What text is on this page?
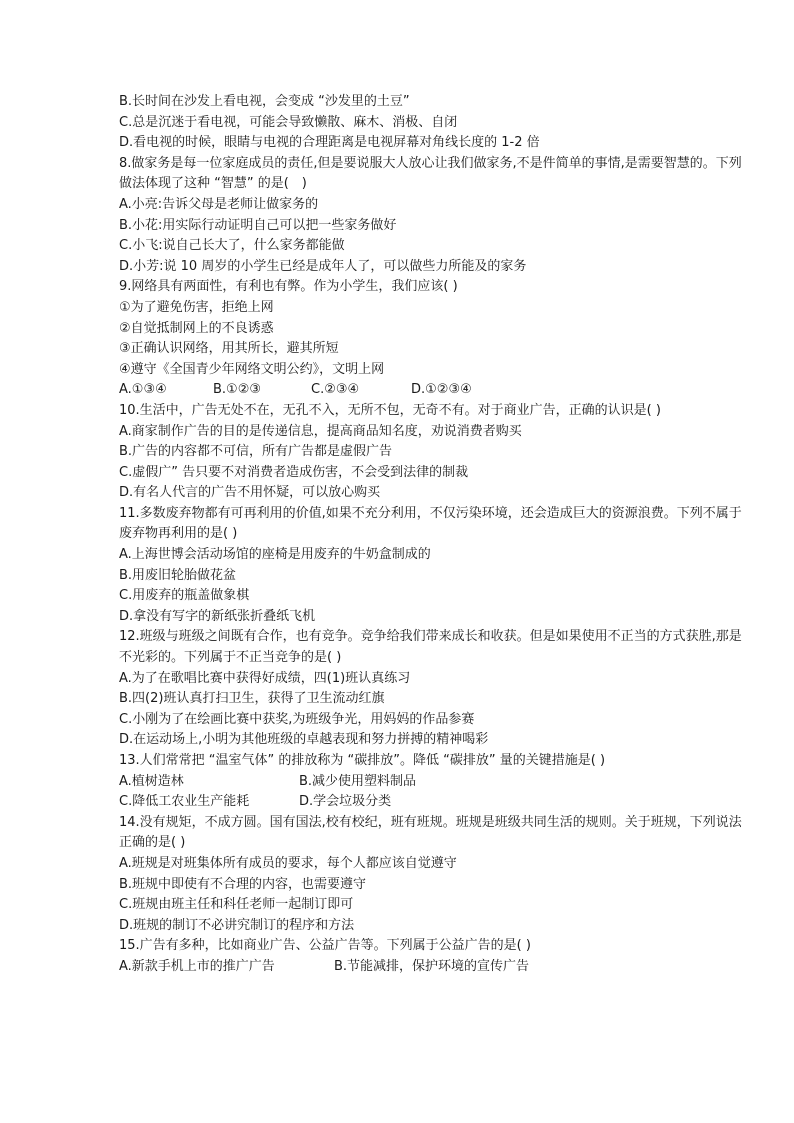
B.长时间在沙发上看电视，会变成 “沙发里的土豆”
C.总是沉迷于看电视，可能会导致懒散、麻木、消极、自闭
D.看电视的时候，眼睛与电视的合理距离是电视屏幕对角线长度的 1-2 倍
8.做家务是每一位家庭成员的责任,但是要说服大人放心让我们做家务,不是件简单的事情,是需要智慧的。下列做法体现了这种 “智慧” 的是(　)
A.小亮:告诉父母是老师让做家务的
B.小花:用实际行动证明自己可以把一些家务做好
C.小飞:说自己长大了，什么家务都能做
D.小芳:说 10 周岁的小学生已经是成年人了，可以做些力所能及的家务
9.网络具有两面性，有利也有弊。作为小学生，我们应该( )
①为了避免伤害，拒绝上网
②自觉抵制网上的不良诱惑
③正确认识网络，用其所长，避其所短
④遵守《全国青少年网络文明公约》，文明上网
A.①③④	B.①②③	C.②③④	D.①②③④
10.生活中，广告无处不在，无孔不入，无所不包，无奇不有。对于商业广告，正确的认识是( )
A.商家制作广告的目的是传递信息，提高商品知名度，劝说消费者购买
B.广告的内容都不可信，所有广告都是虚假广告
C.虚假广” 告只要不对消费者造成伤害，不会受到法律的制裁
D.有名人代言的广告不用怀疑，可以放心购买
11.多数废弃物都有可再利用的价值,如果不充分利用，不仅污染环境，还会造成巨大的资源浪费。下列不属于废弃物再利用的是( )
A.上海世博会活动场馆的座椅是用废弃的牛奶盒制成的
B.用废旧轮胎做花盆
C.用废弃的瓶盖做象棋
D.拿没有写字的新纸张折叠纸飞机
12.班级与班级之间既有合作，也有竞争。竞争给我们带来成长和收获。但是如果使用不正当的方式获胜,那是不光彩的。下列属于不正当竞争的是( )
A.为了在歌唱比赛中获得好成绩，四(1)班认真练习
B.四(2)班认真打扫卫生，获得了卫生流动红旗
C.小刚为了在绘画比赛中获奖,为班级争光，用妈妈的作品参赛
D.在运动场上,小明为其他班级的卓越表现和努力拼搏的精神喝彩
13.人们常常把 “温室气体” 的排放称为 “碳排放”。降低 “碳排放” 量的关键措施是( )
A.植树造林	B.减少使用塑料制品
C.降低工农业生产能耗	D.学会垃圾分类
14.没有规矩，不成方圆。国有国法,校有校纪，班有班规。班规是班级共同生活的规则。关于班规，下列说法正确的是( )
A.班规是对班集体所有成员的要求，每个人都应该自觉遵守
B.班规中即使有不合理的内容，也需要遵守
C.班规由班主任和科任老师一起制订即可
D.班规的制订不必讲究制订的程序和方法
15.广告有多种，比如商业广告、公益广告等。下列属于公益广告的是( )
A.新款手机上市的推广广告	B.节能减排，保护环境的宣传广告
